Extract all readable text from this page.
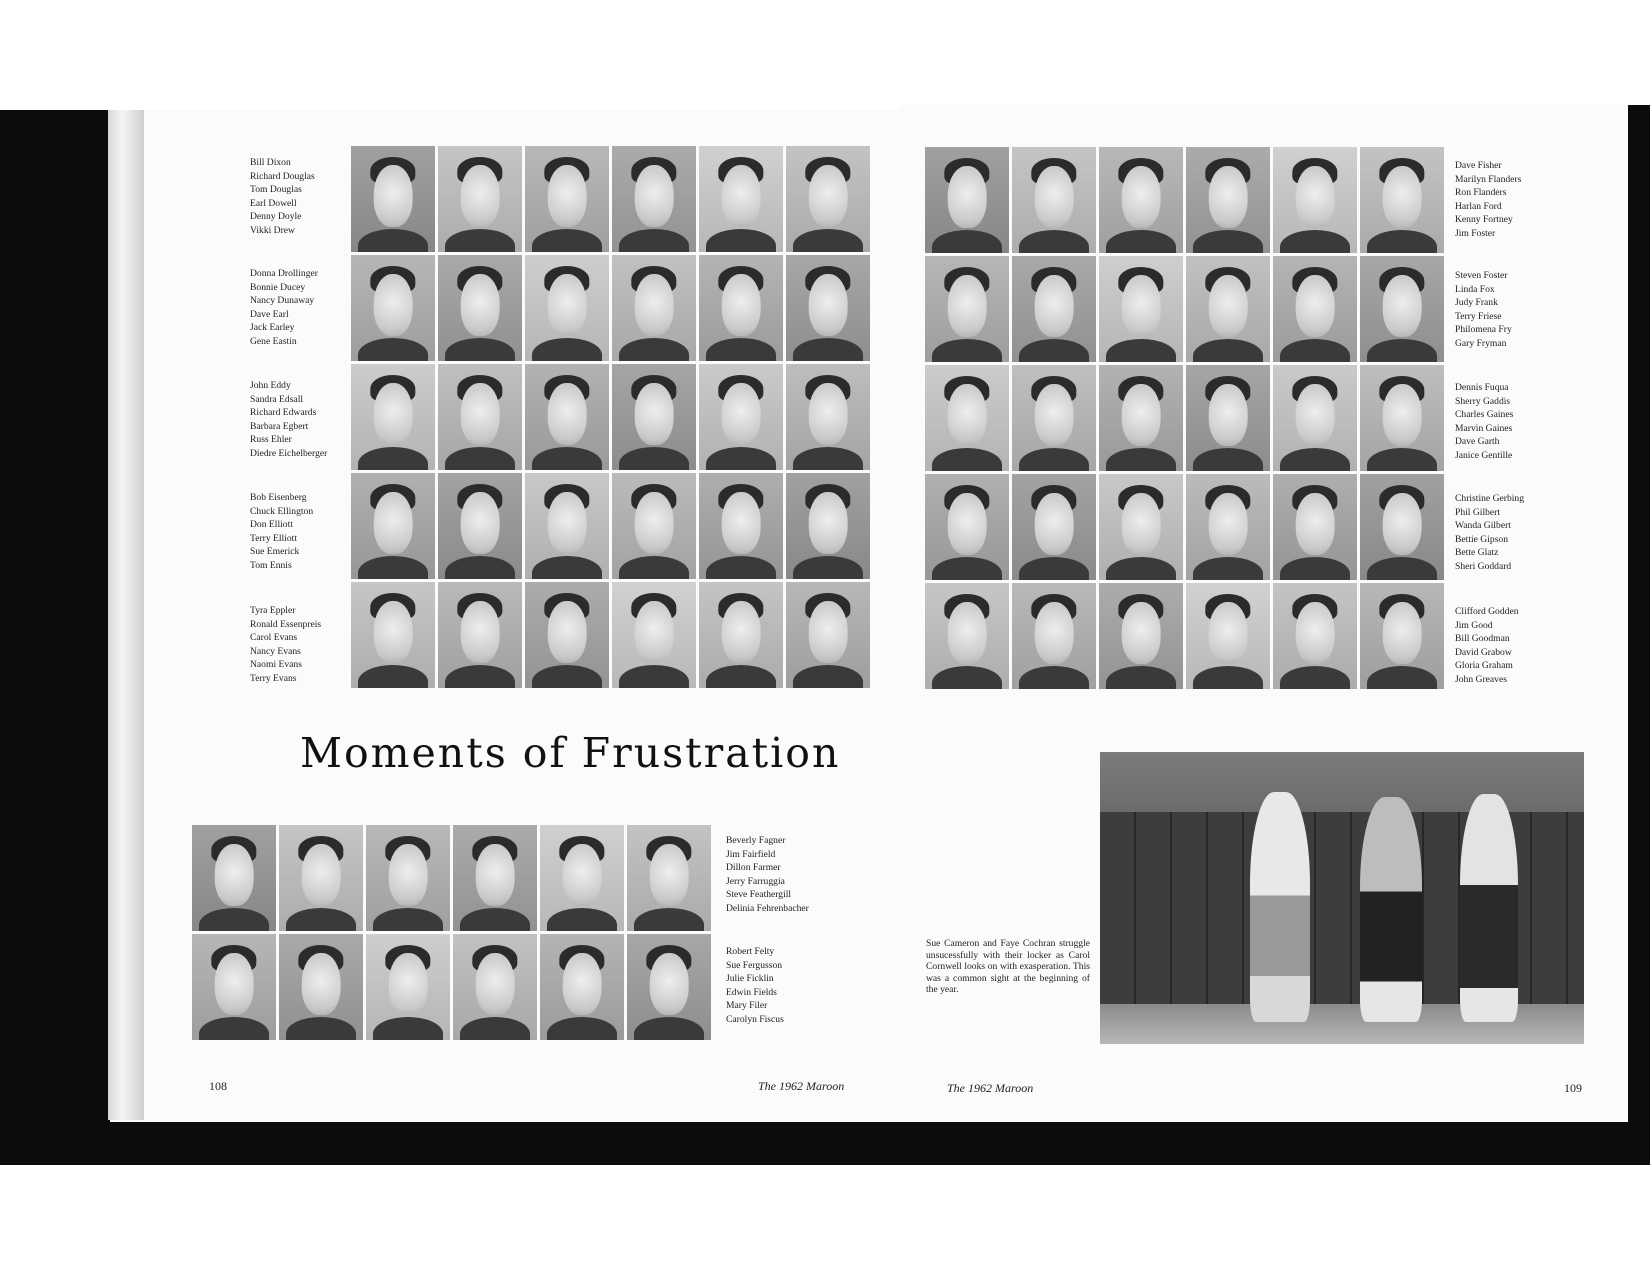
Bill Dixon
Richard Douglas
Tom Douglas
Earl Dowell
Denny Doyle
Vikki Drew
Donna Drollinger
Bonnie Ducey
Nancy Dunaway
Dave Earl
Jack Earley
Gene Eastin
John Eddy
Sandra Edsall
Richard Edwards
Barbara Egbert
Russ Ehler
Diedre Eichelberger
Bob Eisenberg
Chuck Ellington
Don Elliott
Terry Elliott
Sue Emerick
Tom Ennis
Tyra Eppler
Ronald Essenpreis
Carol Evans
Nancy Evans
Naomi Evans
Terry Evans
Moments of Frustration
Beverly Fagner
Jim Fairfield
Dillon Farmer
Jerry Farruggia
Steve Feathergill
Delinia Fehrenbacher
Robert Felty
Sue Fergusson
Julie Ficklin
Edwin Fields
Mary Filer
Carolyn Fiscus
108	The 1962 Maroon
Dave Fisher
Marilyn Flanders
Ron Flanders
Harlan Ford
Kenny Fortney
Jim Foster
Steven Foster
Linda Fox
Judy Frank
Terry Friese
Philomena Fry
Gary Fryman
Dennis Fuqua
Sherry Gaddis
Charles Gaines
Marvin Gaines
Dave Garth
Janice Gentille
Christine Gerbing
Phil Gilbert
Wanda Gilbert
Bettie Gipson
Bette Glatz
Sheri Goddard
Clifford Godden
Jim Good
Bill Goodman
David Grabow
Gloria Graham
John Greaves
Sue Cameron and Faye Cochran struggle unsucessfully with their locker as Carol Cornwell looks on with exasperation. This was a common sight at the beginning of the year.
The 1962 Maroon	109
